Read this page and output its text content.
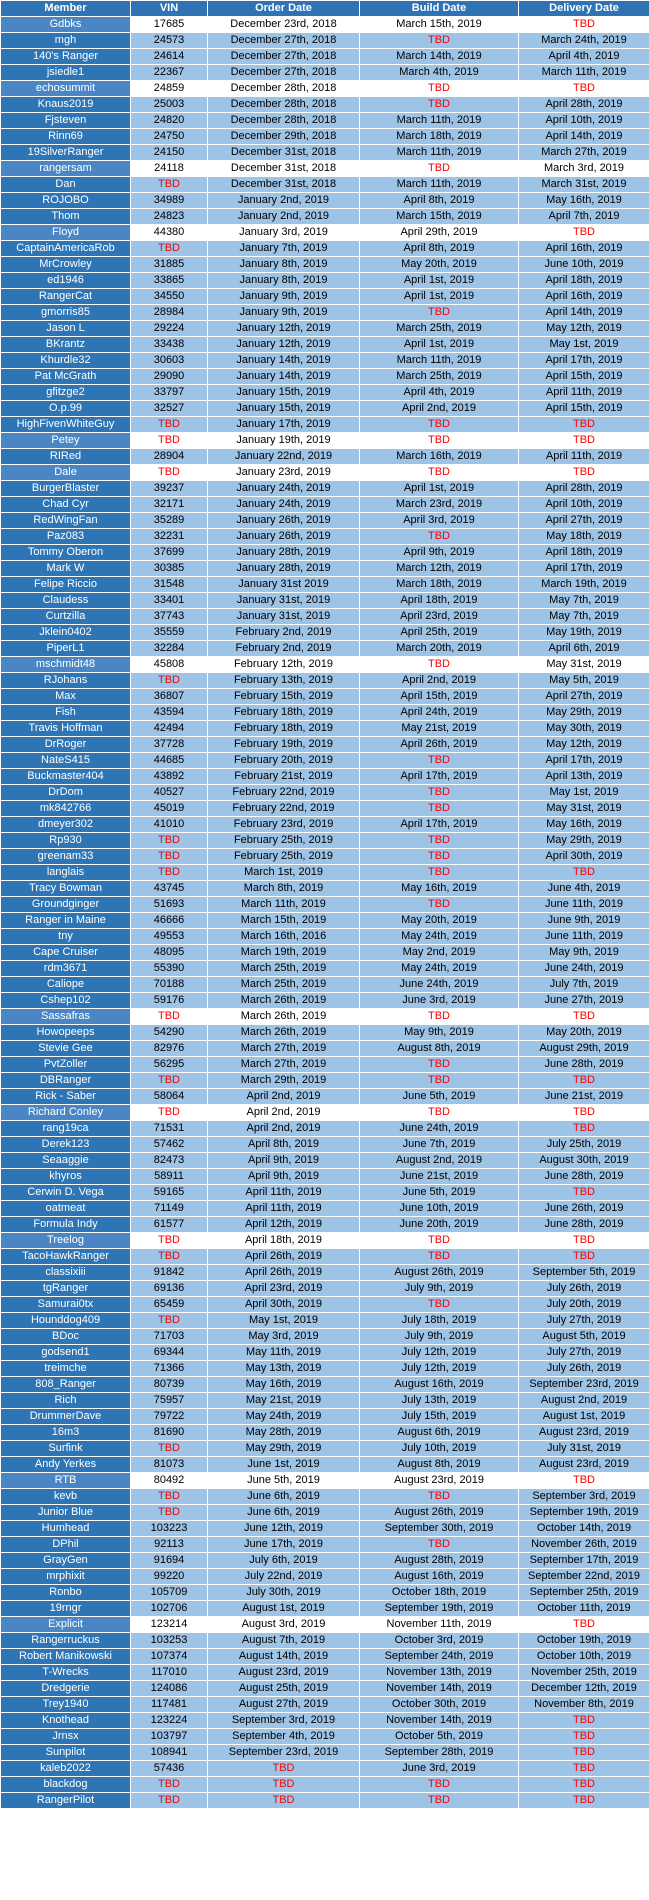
Member	VIN	Order Date	Build Date	Delivery Date
Gdbks	17685	December 23rd, 2018	March 15th, 2019	TBD
mgh	24573	December 27th, 2018	TBD	March 24th, 2019
140's Ranger	24614	December 27th, 2018	March 14th, 2019	April 4th, 2019
jsiedle1	22367	December 27th, 2018	March 4th, 2019	March 11th, 2019
echosummit	24859	December 28th, 2018	TBD	TBD
Knaus2019	25003	December 28th, 2018	TBD	April 28th, 2019
Fjsteven	24820	December 28th, 2018	March 11th, 2019	April 10th, 2019
Rinn69	24750	December 29th, 2018	March 18th, 2019	April 14th, 2019
19SilverRanger	24150	December 31st, 2018	March 11th, 2019	March 27th, 2019
rangersam	24118	December 31st, 2018	TBD	March 3rd, 2019
Dan	TBD	December 31st, 2018	March 11th, 2019	March 31st, 2019
ROJOBO	34989	January 2nd, 2019	April 8th, 2019	May 16th, 2019
Thom	24823	January 2nd, 2019	March 15th, 2019	April 7th, 2019
Floyd	44380	January 3rd, 2019	April 29th, 2019	TBD
CaptainAmericaRob	TBD	January 7th, 2019	April 8th, 2019	April 16th, 2019
MrCrowley	31885	January 8th, 2019	May 20th, 2019	June 10th, 2019
ed1946	33865	January 8th, 2019	April 1st, 2019	April 18th, 2019
RangerCat	34550	January 9th, 2019	April 1st, 2019	April 16th, 2019
gmorris85	28984	January 9th, 2019	TBD	April 14th, 2019
Jason L	29224	January 12th, 2019	March 25th, 2019	May 12th, 2019
BKrantz	33438	January 12th, 2019	April 1st, 2019	May 1st, 2019
Khurdle32	30603	January 14th, 2019	March 11th, 2019	April 17th, 2019
Pat McGrath	29090	January 14th, 2019	March 25th, 2019	April 15th, 2019
gfitzge2	33797	January 15th, 2019	April 4th, 2019	April 11th, 2019
O.p.99	32527	January 15th, 2019	April 2nd, 2019	April 15th, 2019
HighFivenWhiteGuy	TBD	January 17th, 2019	TBD	TBD
Petey	TBD	January 19th, 2019	TBD	TBD
RIRed	28904	January 22nd, 2019	March 16th, 2019	April 11th, 2019
Dale	TBD	January 23rd, 2019	TBD	TBD
BurgerBlaster	39237	January 24th, 2019	April 1st, 2019	April 28th, 2019
Chad Cyr	32171	January 24th, 2019	March 23rd, 2019	April 10th, 2019
RedWingFan	35289	January 26th, 2019	April 3rd, 2019	April 27th, 2019
Paz083	32231	January 26th, 2019	TBD	May 18th, 2019
Tommy Oberon	37699	January 28th, 2019	April 9th, 2019	April 18th, 2019
Mark W	30385	January 28th, 2019	March 12th, 2019	April 17th, 2019
Felipe Riccio	31548	January 31st 2019	March 18th, 2019	March 19th, 2019
Claudess	33401	January 31st, 2019	April 18th, 2019	May 7th, 2019
Curtzilla	37743	January 31st, 2019	April 23rd, 2019	May 7th, 2019
Jklein0402	35559	February 2nd, 2019	April 25th, 2019	May 19th, 2019
PiperL1	32284	February 2nd, 2019	March 20th, 2019	April 6th, 2019
mschmidt48	45808	February 12th, 2019	TBD	May 31st, 2019
RJohans	TBD	February 13th, 2019	April 2nd, 2019	May 5th, 2019
Max	36807	February 15th, 2019	April 15th, 2019	April 27th, 2019
Fish	43594	February 18th, 2019	April 24th, 2019	May 29th, 2019
Travis Hoffman	42494	February 18th, 2019	May 21st, 2019	May 30th, 2019
DrRoger	37728	February 19th, 2019	April 26th, 2019	May 12th, 2019
NateS415	44685	February 20th, 2019	TBD	April 17th, 2019
Buckmaster404	43892	February 21st, 2019	April 17th, 2019	April 13th, 2019
DrDom	40527	February 22nd, 2019	TBD	May 1st, 2019
mk842766	45019	February 22nd, 2019	TBD	May 31st, 2019
dmeyer302	41010	February 23rd, 2019	April 17th, 2019	May 16th, 2019
Rp930	TBD	February 25th, 2019	TBD	May 29th, 2019
greenam33	TBD	February 25th, 2019	TBD	April 30th, 2019
langlais	TBD	March 1st, 2019	TBD	TBD
Tracy Bowman	43745	March 8th, 2019	May 16th, 2019	June 4th, 2019
Groundginger	51693	March 11th, 2019	TBD	June 11th, 2019
Ranger in Maine	46666	March 15th, 2019	May 20th, 2019	June 9th, 2019
tny	49553	March 16th, 2016	May 24th, 2019	June 11th, 2019
Cape Cruiser	48095	March 19th, 2019	May 2nd, 2019	May 9th, 2019
rdm3671	55390	March 25th, 2019	May 24th, 2019	June 24th, 2019
Caliope	70188	March 25th, 2019	June 24th, 2019	July 7th, 2019
Cshep102	59176	March 26th, 2019	June 3rd, 2019	June 27th, 2019
Sassafras	TBD	March 26th, 2019	TBD	TBD
Howopeeps	54290	March 26th, 2019	May 9th, 2019	May 20th, 2019
Stevie Gee	82976	March 27th, 2019	August 8th, 2019	August 29th, 2019
PvtZoller	56295	March 27th, 2019	TBD	June 28th, 2019
DBRanger	TBD	March 29th, 2019	TBD	TBD
Rick - Saber	58064	April 2nd, 2019	June 5th, 2019	June 21st, 2019
Richard Conley	TBD	April 2nd, 2019	TBD	TBD
rang19ca	71531	April 2nd, 2019	June 24th, 2019	TBD
Derek123	57462	April 8th, 2019	June 7th, 2019	July 25th, 2019
Seaaggie	82473	April 9th, 2019	August 2nd, 2019	August 30th, 2019
khyros	58911	April 9th, 2019	June 21st, 2019	June 28th, 2019
Cerwin D. Vega	59165	April 11th, 2019	June 5th, 2019	TBD
oatmeat	71149	April 11th, 2019	June 10th, 2019	June 26th, 2019
Formula Indy	61577	April 12th, 2019	June 20th, 2019	June 28th, 2019
Treelog	TBD	April 18th, 2019	TBD	TBD
TacoHawkRanger	TBD	April 26th, 2019	TBD	TBD
classixiii	91842	April 26th, 2019	August 26th, 2019	September 5th, 2019
tgRanger	69136	April 23rd, 2019	July 9th, 2019	July 26th, 2019
Samurai0tx	65459	April 30th, 2019	TBD	July 20th, 2019
Hounddog409	TBD	May 1st, 2019	July 18th, 2019	July 27th, 2019
BDoc	71703	May 3rd, 2019	July 9th, 2019	August 5th, 2019
godsend1	69344	May 11th, 2019	July 12th, 2019	July 27th, 2019
treimche	71366	May 13th, 2019	July 12th, 2019	July 26th, 2019
808_Ranger	80739	May 16th, 2019	August 16th, 2019	September 23rd, 2019
Rich	75957	May 21st, 2019	July 13th, 2019	August 2nd, 2019
DrummerDave	79722	May 24th, 2019	July 15th, 2019	August 1st, 2019
16m3	81690	May 28th, 2019	August 6th, 2019	August 23rd, 2019
Surfink	TBD	May 29th, 2019	July 10th, 2019	July 31st, 2019
Andy Yerkes	81073	June 1st, 2019	August 8th, 2019	August 23rd, 2019
RTB	80492	June 5th, 2019	August 23rd, 2019	TBD
kevb	TBD	June 6th, 2019	TBD	September 3rd, 2019
Junior Blue	TBD	June 6th, 2019	August 26th, 2019	September 19th, 2019
Humhead	103223	June 12th, 2019	September 30th, 2019	October 14th, 2019
DPhil	92113	June 17th, 2019	TBD	November 26th, 2019
GrayGen	91694	July 6th, 2019	August 28th, 2019	September 17th, 2019
mrphixit	99220	July 22nd, 2019	August 16th, 2019	September 22nd, 2019
Ronbo	105709	July 30th, 2019	October 18th, 2019	September 25th, 2019
19rngr	102706	August 1st, 2019	September 19th, 2019	October 11th, 2019
Explicit	123214	August 3rd, 2019	November 11th, 2019	TBD
Rangerruckus	103253	August 7th, 2019	October 3rd, 2019	October 19th, 2019
Robert Manikowski	107374	August 14th, 2019	September 24th, 2019	October 10th, 2019
T-Wrecks	117010	August 23rd, 2019	November 13th, 2019	November 25th, 2019
Dredgerie	124086	August 25th, 2019	November 14th, 2019	December 12th, 2019
Trey1940	117481	August 27th, 2019	October 30th, 2019	November 8th, 2019
Knothead	123224	September 3rd, 2019	November 14th, 2019	TBD
Jrnsx	103797	September 4th, 2019	October 5th, 2019	TBD
Sunpilot	108941	September 23rd, 2019	September 28th, 2019	TBD
kaleb2022	57436	TBD	June 3rd, 2019	TBD
blackdog	TBD	TBD	TBD	TBD
RangerPilot	TBD	TBD	TBD	TBD
